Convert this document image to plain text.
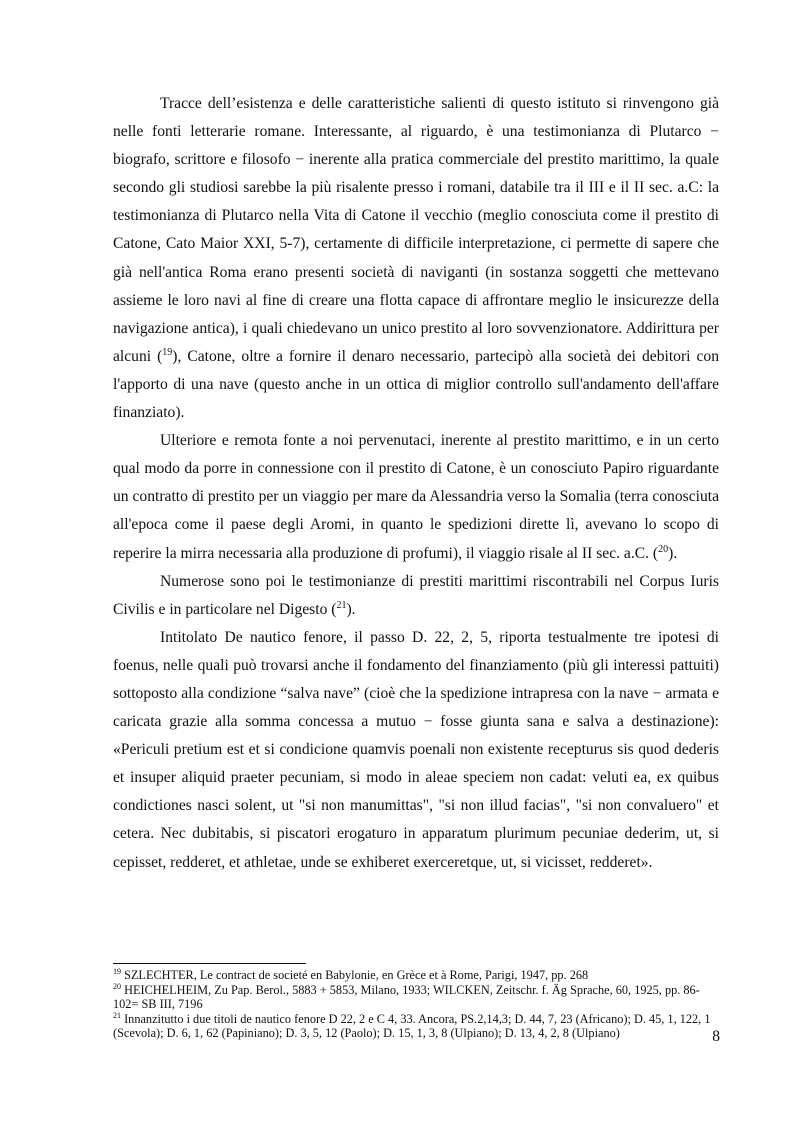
Tracce dell’esistenza e delle caratteristiche salienti di questo istituto si rinvengono già nelle fonti letterarie romane. Interessante, al riguardo, è una testimonianza di Plutarco − biografo, scrittore e filosofo − inerente alla pratica commerciale del prestito marittimo, la quale secondo gli studiosi sarebbe la più risalente presso i romani, databile tra il III e il II sec. a.C: la testimonianza di Plutarco nella Vita di Catone il vecchio (meglio conosciuta come il prestito di Catone, Cato Maior XXI, 5-7), certamente di difficile interpretazione, ci permette di sapere che già nell'antica Roma erano presenti società di naviganti (in sostanza soggetti che mettevano assieme le loro navi al fine di creare una flotta capace di affrontare meglio le insicurezze della navigazione antica), i quali chiedevano un unico prestito al loro sovvenzionatore. Addirittura per alcuni ($^{19}$), Catone, oltre a fornire il denaro necessario, partecipò alla società dei debitori con l'apporto di una nave (questo anche in un ottica di miglior controllo sull'andamento dell'affare finanziato).

Ulteriore e remota fonte a noi pervenutaci, inerente al prestito marittimo, e in un certo qual modo da porre in connessione con il prestito di Catone, è un conosciuto Papiro riguardante un contratto di prestito per un viaggio per mare da Alessandria verso la Somalia (terra conosciuta all'epoca come il paese degli Aromi, in quanto le spedizioni dirette lì, avevano lo scopo di reperire la mirra necessaria alla produzione di profumi), il viaggio risale al II sec. a.C. ($^{20}$).

Numerose sono poi le testimonianze di prestiti marittimi riscontrabili nel Corpus Iuris Civilis e in particolare nel Digesto ($^{21}$).

Intitolato De nautico fenore, il passo D. 22, 2, 5, riporta testualmente tre ipotesi di foenus, nelle quali può trovarsi anche il fondamento del finanziamento (più gli interessi pattuiti) sottoposto alla condizione “salva nave” (cioè che la spedizione intrapresa con la nave − armata e caricata grazie alla somma concessa a mutuo − fosse giunta sana e salva a destinazione): «Periculi pretium est et si condicione quamvis poenali non existente recepturus sis quod dederis et insuper aliquid praeter pecuniam, si modo in aleae speciem non cadat: veluti ea, ex quibus condictiones nasci solent, ut "si non manumittas", "si non illud facias", "si non convaluero" et cetera. Nec dubitabis, si piscatori erogaturo in apparatum plurimum pecuniae dederim, ut, si cepisset, redderet, et athletae, unde se exhiberet exerceretque, ut, si vicisset, redderet».

$^{19}$ SZLECHTER, Le contract de societé en Babylonie, en Grèce et à Rome, Parigi, 1947, pp. 268

$^{20}$ HEICHELHEIM, Zu Pap. Berol., 5883 + 5853, Milano, 1933; WILCKEN, Zeitschr. f. Äg Sprache, 60, 1925, pp. 86-102= SB III, 7196

$^{21}$ Innanzitutto i due titoli de nautico fenore D 22, 2 e C 4, 33. Ancora, PS.2,14,3; D. 44, 7, 23 (Africano); D. 45, 1, 122, 1 (Scevola); D. 6, 1, 62 (Papiniano); D. 3, 5, 12 (Paolo); D. 15, 1, 3, 8 (Ulpiano); D. 13, 4, 2, 8 (Ulpiano)	8
